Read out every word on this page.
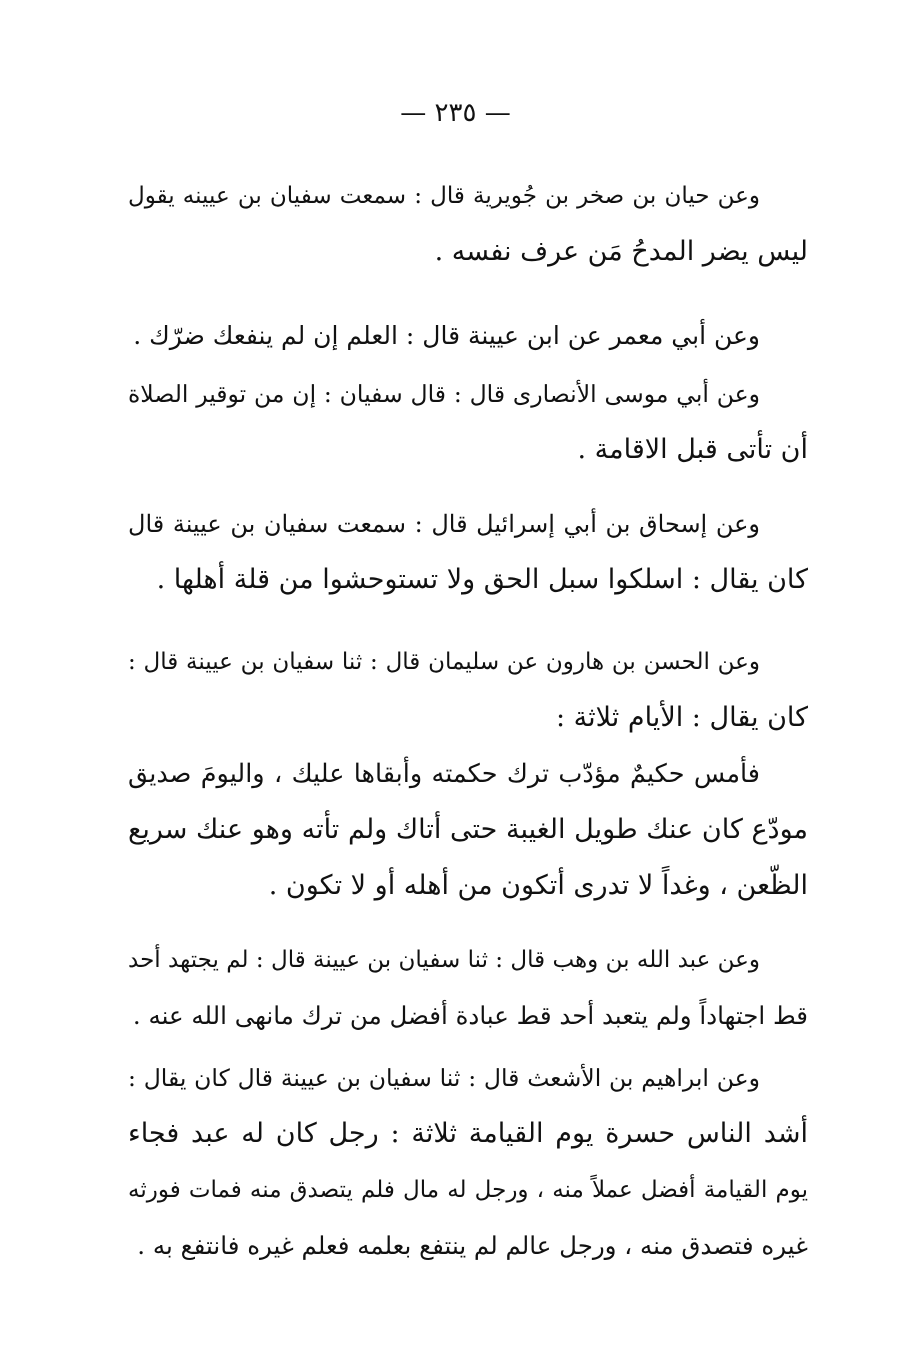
— ٢٣٥ —
وعن حيان بن صخر بن جُويرية قال : سمعت سفيان بن عيينه يقول
ليس يضر المدحُ مَن عرف نفسه .
وعن أبي معمر عن ابن عيينة قال : العلم إن لم ينفعك ضرّك .
وعن أبي موسى الأنصارى قال : قال سفيان : إن من توقير الصلاة
أن تأتى قبل الاقامة .
وعن إسحاق بن أبي إسرائيل قال : سمعت سفيان بن عيينة قال
كان يقال : اسلكوا سبل الحق ولا تستوحشوا من قلة أهلها .
وعن الحسن بن هارون عن سليمان قال : ثنا سفيان بن عيينة قال :
كان يقال : الأيام ثلاثة :
فأمس حكيمٌ مؤدّب ترك حكمته وأبقاها عليك ، واليومَ صديق
مودّع كان عنك طويل الغيبة حتى أتاك ولم تأته وهو عنك سريع
الظّعن ، وغداً لا تدرى أتكون من أهله أو لا تكون .
وعن عبد الله بن وهب قال : ثنا سفيان بن عيينة قال : لم يجتهد أحد
قط اجتهاداً ولم يتعبد أحد قط عبادة أفضل من ترك مانهى الله عنه .
وعن ابراهيم بن الأشعث قال : ثنا سفيان بن عيينة قال كان يقال :
أشد الناس حسرة يوم القيامة ثلاثة : رجل كان له عبد فجاء
يوم القيامة أفضل عملاً منه ، ورجل له مال فلم يتصدق منه فمات فورثه
غيره فتصدق منه ، ورجل عالم لم ينتفع بعلمه فعلم غيره فانتفع به .
